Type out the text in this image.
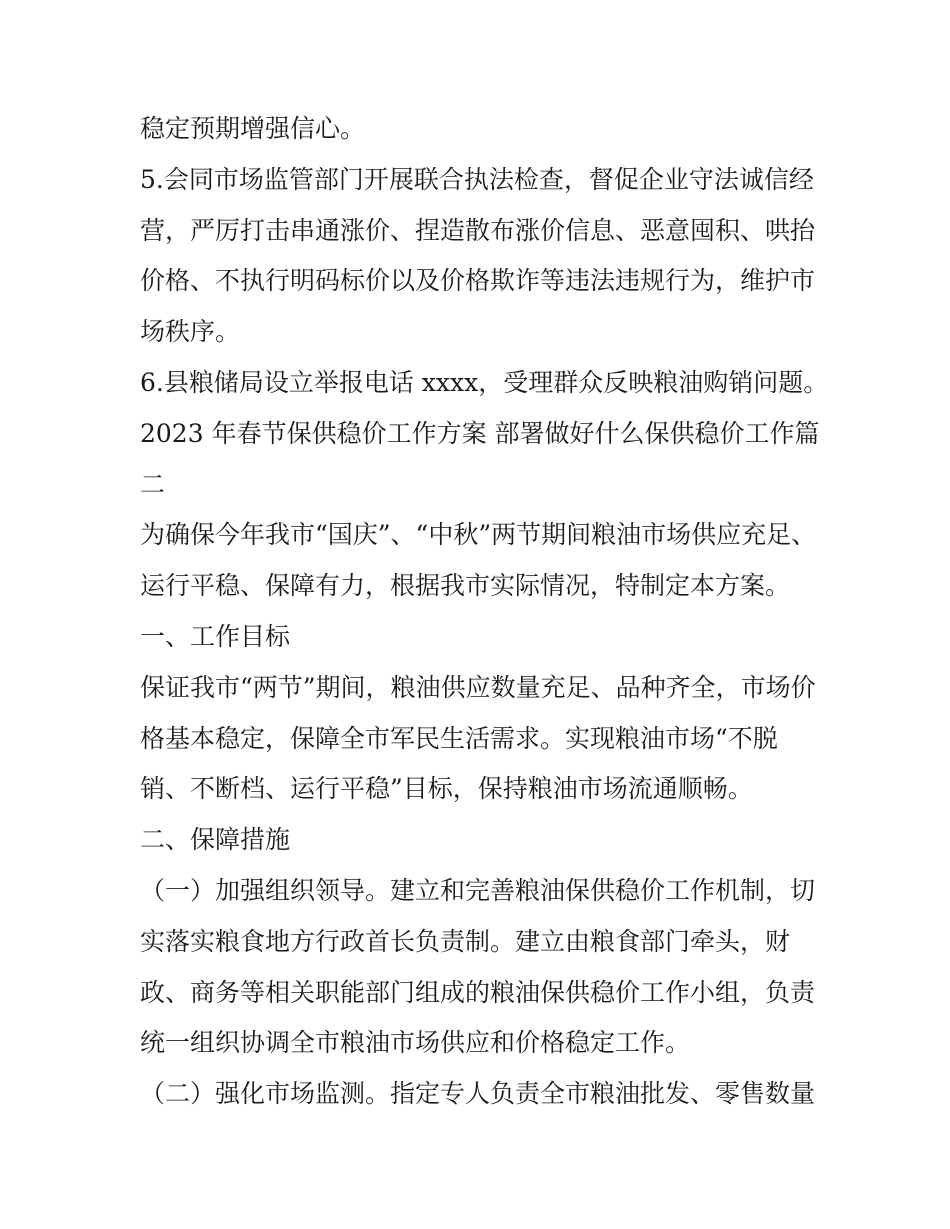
稳定预期增强信心。
5.会同市场监管部门开展联合执法检查，督促企业守法诚信经
营，严厉打击串通涨价、捏造散布涨价信息、恶意囤积、哄抬
价格、不执行明码标价以及价格欺诈等违法违规行为，维护市
场秩序。
6.县粮储局设立举报电话 xxxx，受理群众反映粮油购销问题。
2023 年春节保供稳价工作方案 部署做好什么保供稳价工作篇
二
为确保今年我市“国庆”、“中秋”两节期间粮油市场供应充足、
运行平稳、保障有力，根据我市实际情况，特制定本方案。
一、工作目标
保证我市“两节”期间，粮油供应数量充足、品种齐全，市场价
格基本稳定，保障全市军民生活需求。实现粮油市场“不脱
销、不断档、运行平稳”目标，保持粮油市场流通顺畅。
二、保障措施
（一）加强组织领导。建立和完善粮油保供稳价工作机制，切
实落实粮食地方行政首长负责制。建立由粮食部门牵头，财
政、商务等相关职能部门组成的粮油保供稳价工作小组，负责
统一组织协调全市粮油市场供应和价格稳定工作。
（二）强化市场监测。指定专人负责全市粮油批发、零售数量
